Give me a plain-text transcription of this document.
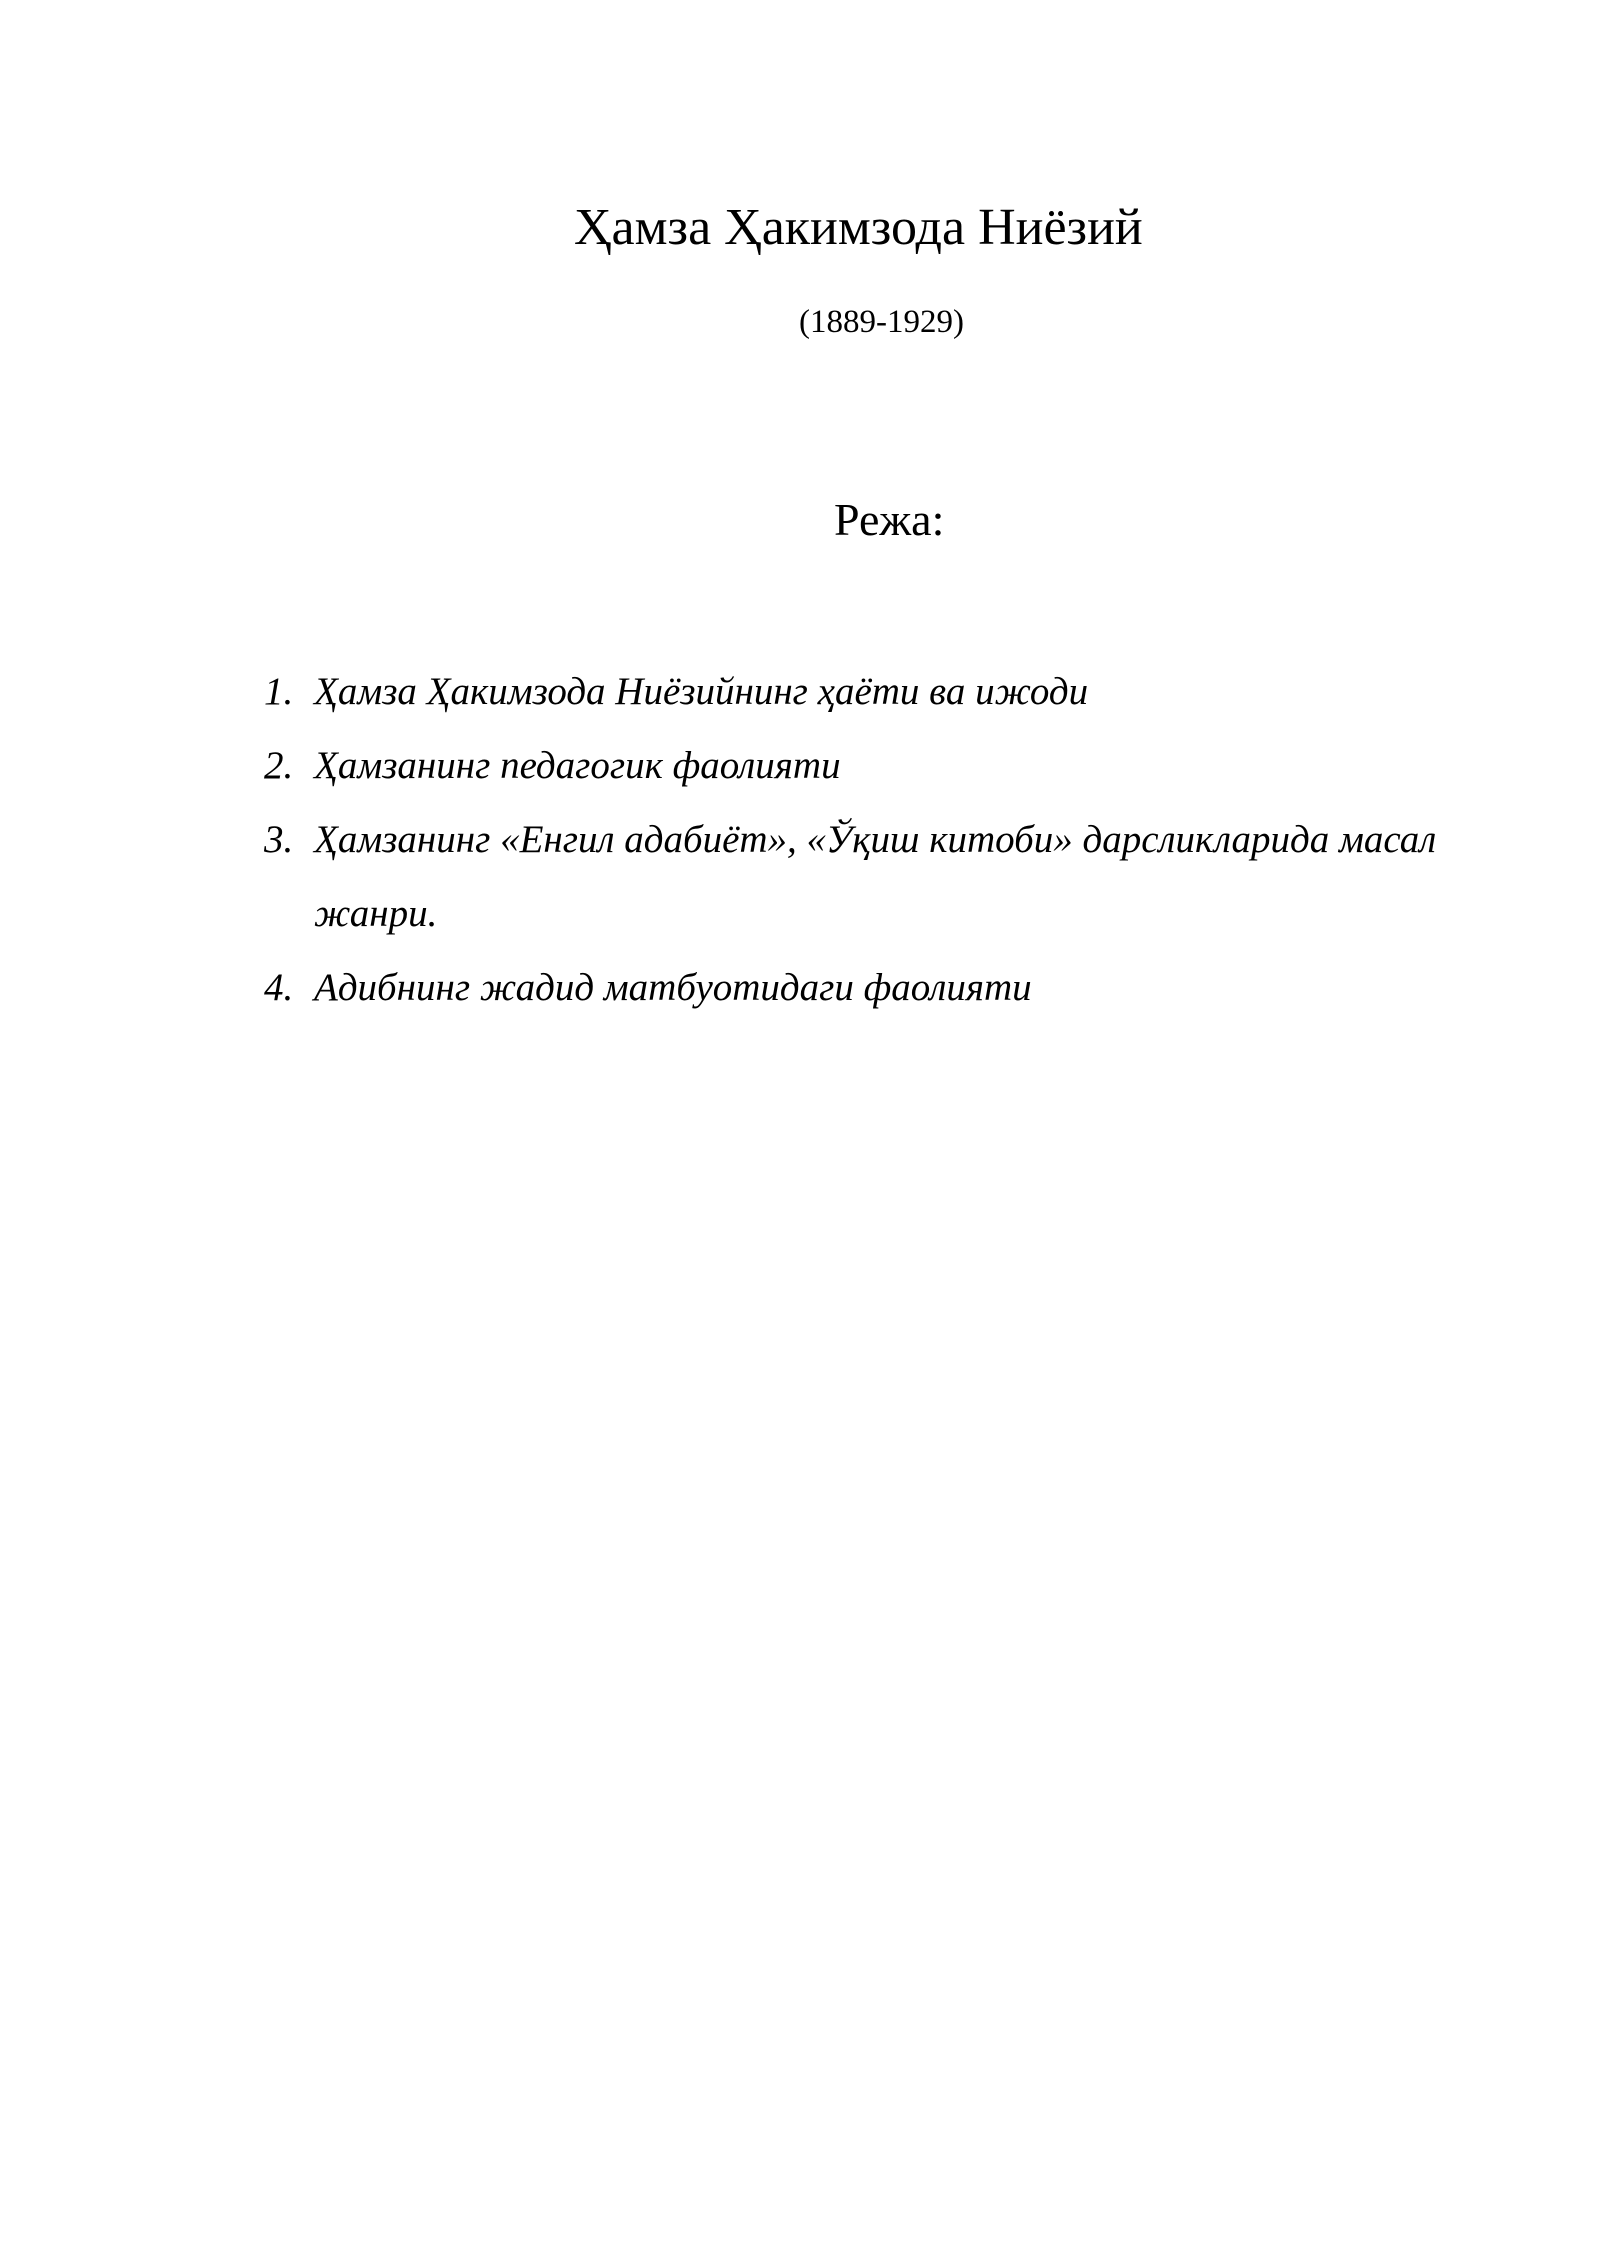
Ҳамза Ҳакимзода Ниёзий
(1889-1929)
Режа:
1. Ҳамза Ҳакимзода Ниёзийнинг ҳаёти ва ижоди
2. Ҳамзанинг педагогик фаолияти
3. Ҳамзанинг «Енгил адабиёт», «Ўқиш китоби» дарсликларида масал жанри.
4. Адибнинг жадид матбуотидаги фаолияти
